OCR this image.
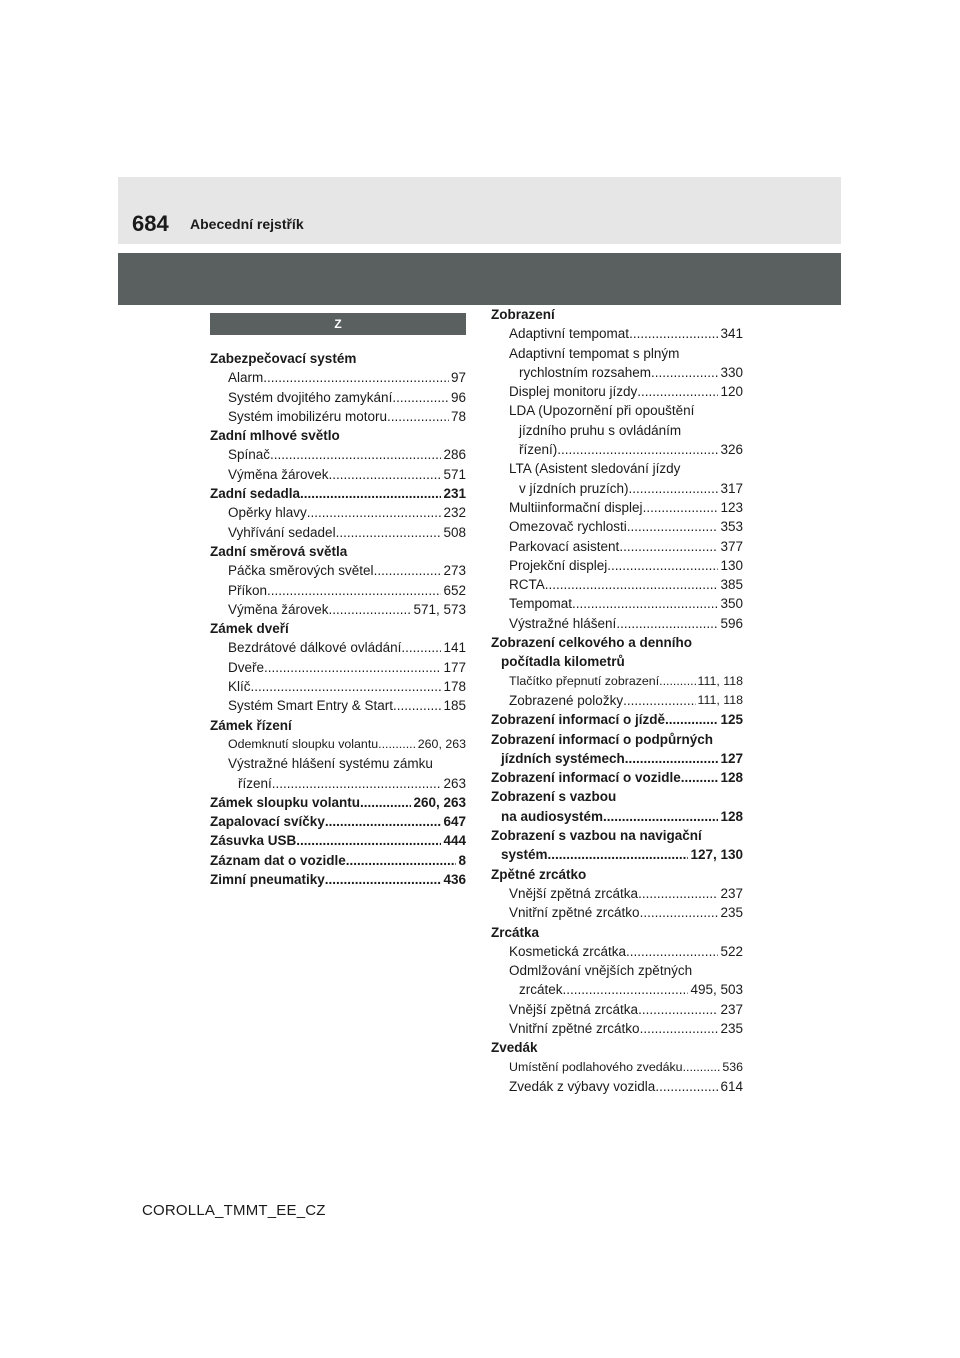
684 Abecední rejstřík
Z
Zabezpečovací systém
Alarm .....	97
Systém dvojitého zamykání .....	96
Systém imobilizéru motoru .....	78
Zadní mlhové světlo
Spínač .....	286
Výměna žárovek .....	571
Zadní sedadla .....	231
Opěrky hlavy .....	232
Vyhřívání sedadel .....	508
Zadní směrová světla
Páčka směrových světel .....	273
Příkon .....	652
Výměna žárovek .....	571, 573
Zámek dveří
Bezdrátové dálkové ovládání .....	141
Dveře .....	177
Klíč .....	178
Systém Smart Entry & Start .....	185
Zámek řízení
Odemknutí sloupku volantu .....	260, 263
Výstražné hlášení systému zámku
řízení .....	263
Zámek sloupku volantu .....	260, 263
Zapalovací svíčky .....	647
Zásuvka USB .....	444
Záznam dat o vozidle .....	8
Zimní pneumatiky .....	436
Zobrazení
Adaptivní tempomat .....	341
Adaptivní tempomat s plným
rychlostním rozsahem .....	330
Displej monitoru jízdy .....	120
LDA (Upozornění při opouštění
jízdního pruhu s ovládáním
řízení) .....	326
LTA (Asistent sledování jízdy
v jízdních pruzích) .....	317
Multiinformační displej .....	123
Omezovač rychlosti .....	353
Parkovací asistent .....	377
Projekční displej .....	130
RCTA .....	385
Tempomat .....	350
Výstražné hlášení .....	596
Zobrazení celkového a denního
počítadla kilometrů
Tlačítko přepnutí zobrazení .....	111, 118
Zobrazené položky .....	111, 118
Zobrazení informací o jízdě .....	125
Zobrazení informací o podpůrných
jízdních systémech .....	127
Zobrazení informací o vozidle .....	128
Zobrazení s vazbou
na audiosystém .....	128
Zobrazení s vazbou na navigační
systém .....	127, 130
Zpětné zrcátko
Vnější zpětná zrcátka .....	237
Vnitřní zpětné zrcátko .....	235
Zrcátka
Kosmetická zrcátka .....	522
Odmlžování vnějších zpětných
zrcátek .....	495, 503
Vnější zpětná zrcátka .....	237
Vnitřní zpětné zrcátko .....	235
Zvedák
Umístění podlahového zvedáku .....	536
Zvedák z výbavy vozidla .....	614
COROLLA_TMMT_EE_CZ
